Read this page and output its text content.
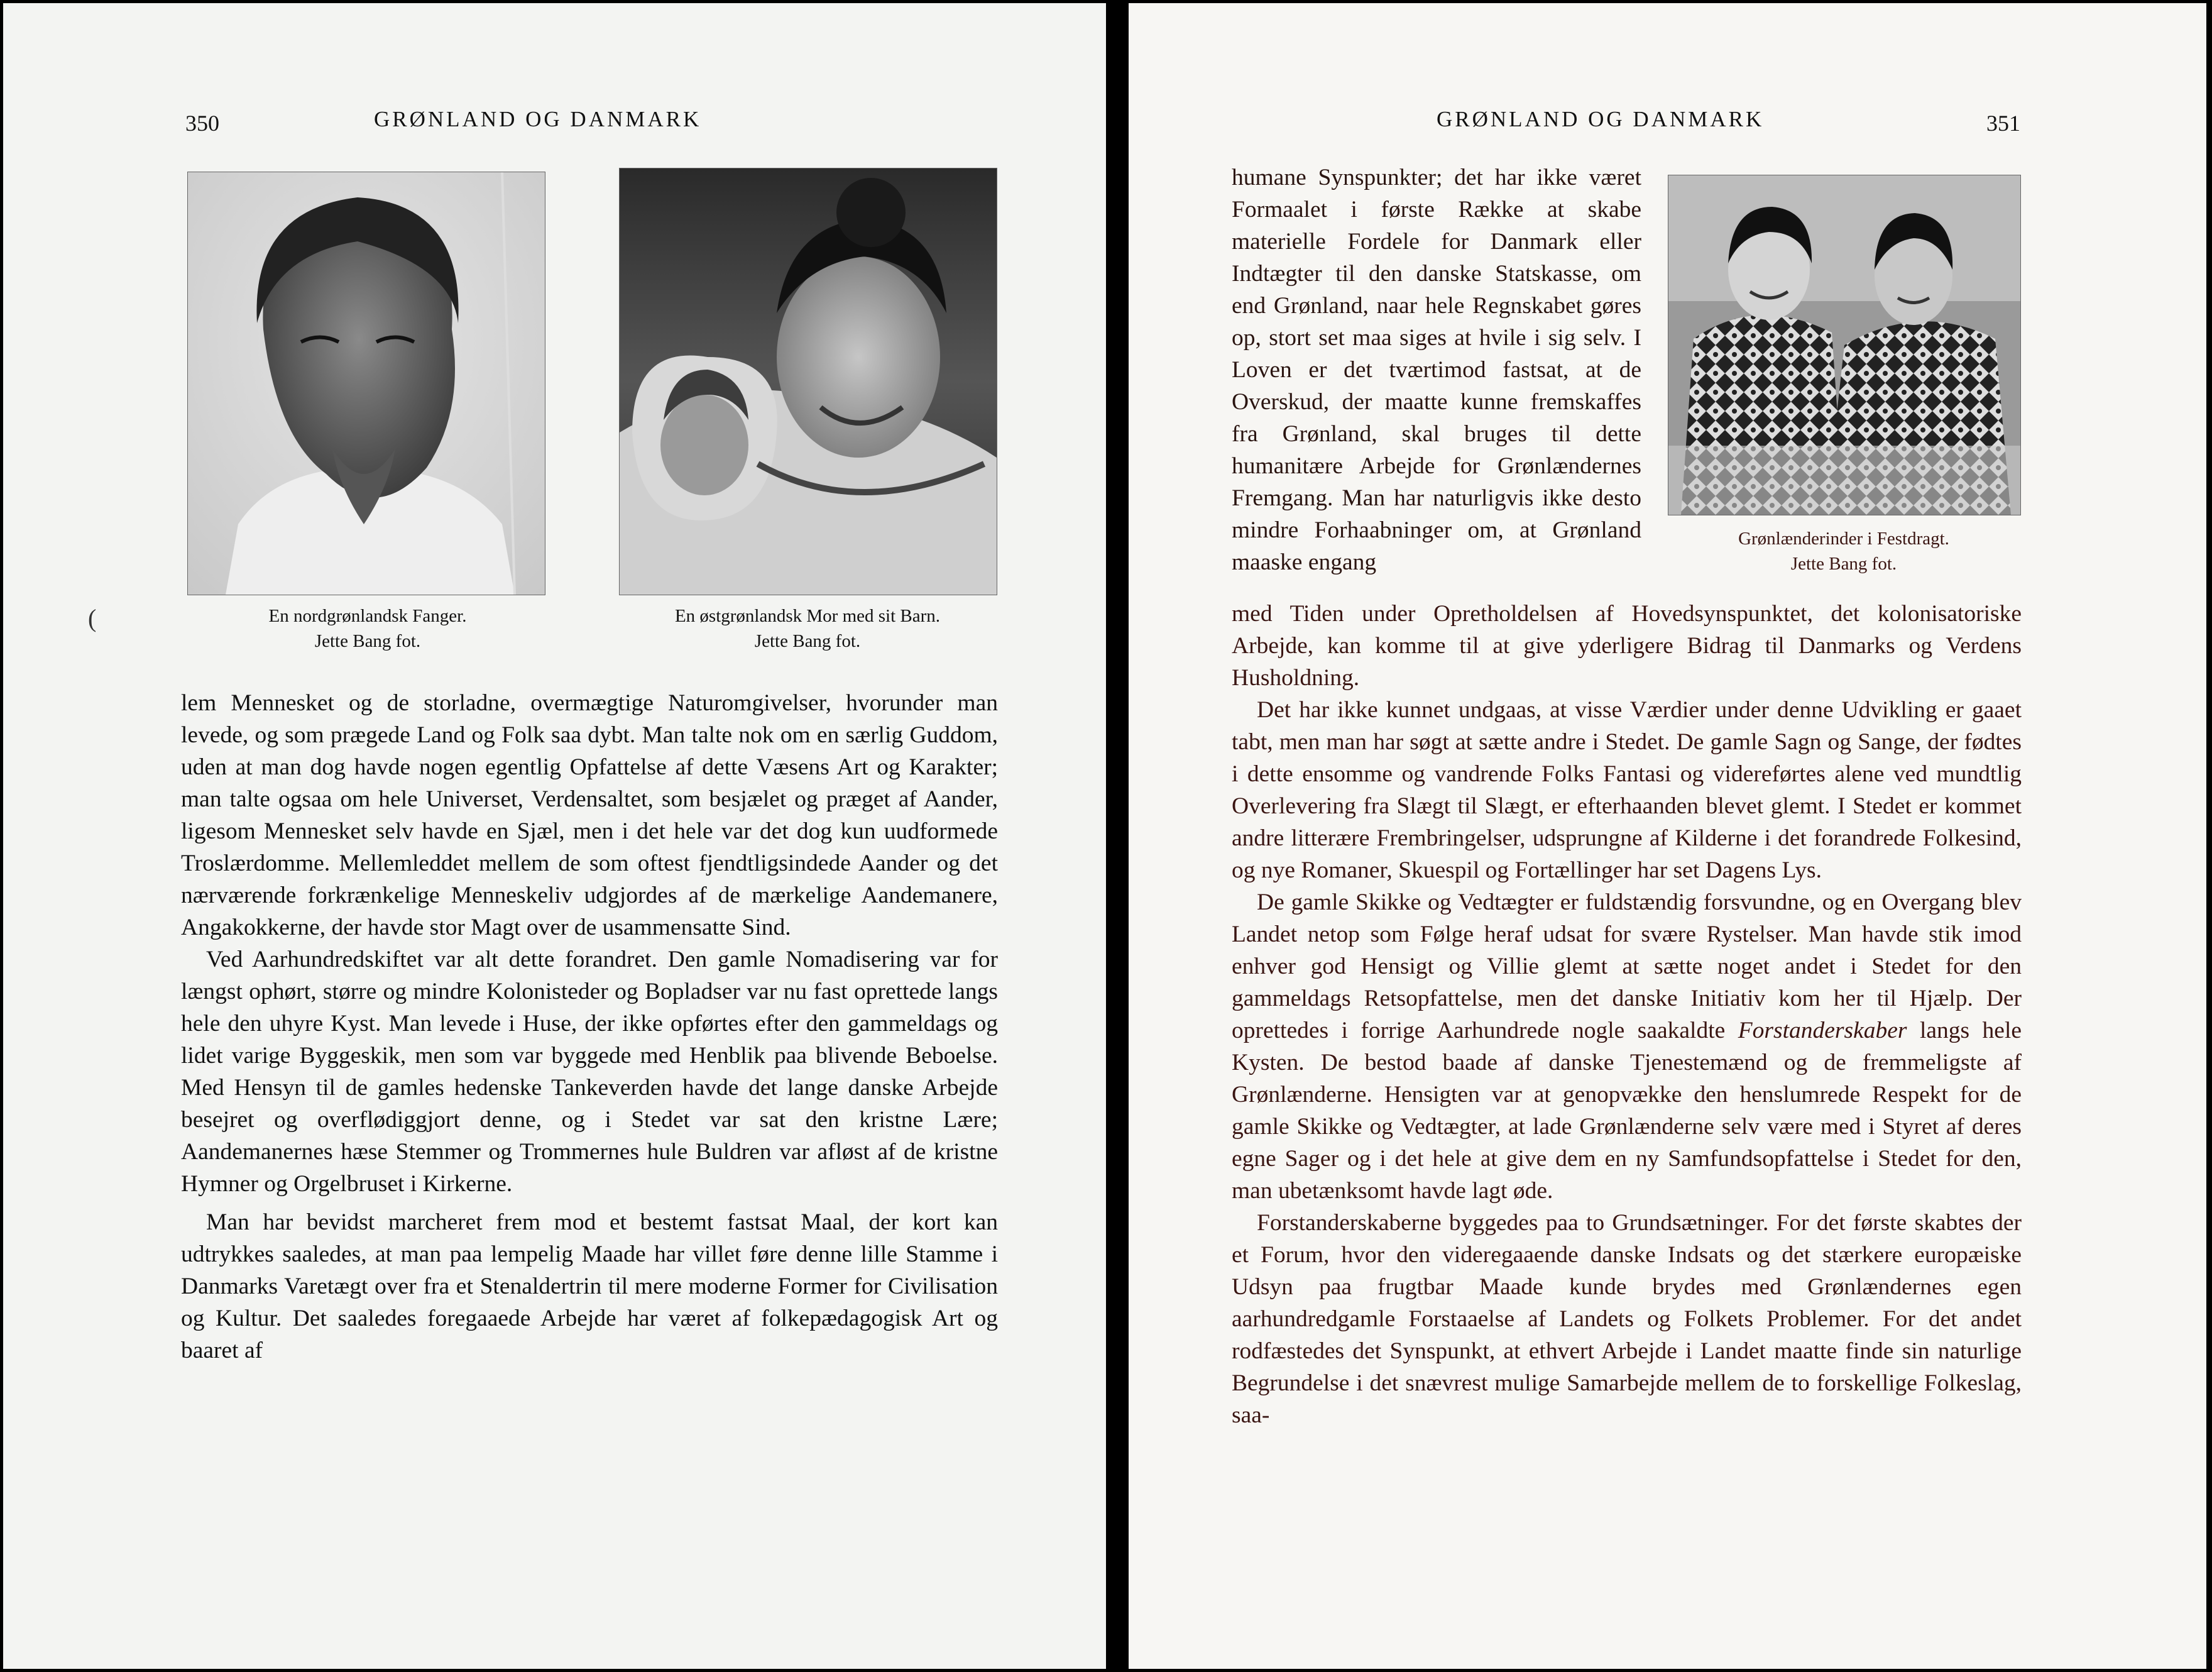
350	GRØNLAND OG DANMARK
En nordgrønlandsk Fanger.
Jette Bang fot.
En østgrønlandsk Mor med sit Barn.
Jette Bang fot.
(

lem Mennesket og de storladne, overmægtige Naturomgivelser, hvorunder man levede, og som prægede Land og Folk saa dybt. Man talte nok om en særlig Guddom, uden at man dog havde nogen egentlig Opfattelse af dette Væsens Art og Karakter; man talte ogsaa om hele Universet, Verdensaltet, som besjælet og præget af Aander, ligesom Mennesket selv havde en Sjæl, men i det hele var det dog kun uudformede Troslærdomme. Mellemleddet mellem de som oftest fjendtligsindede Aander og det nærværende forkrænkelige Menneskeliv udgjordes af de mærkelige Aandemanere, Angakokkerne, der havde stor Magt over de usammensatte Sind.

Ved Aarhundredskiftet var alt dette forandret. Den gamle Nomadisering var for længst ophørt, større og mindre Kolonisteder og Bopladser var nu fast oprettede langs hele den uhyre Kyst. Man levede i Huse, der ikke opførtes efter den gammeldags og lidet varige Byggeskik, men som var byggede med Henblik paa blivende Beboelse. Med Hensyn til de gamles hedenske Tankeverden havde det lange danske Arbejde besejret og overflødiggjort denne, og i Stedet var sat den kristne Lære; Aandemanernes hæse Stemmer og Trommernes hule Buldren var afløst af de kristne Hymner og Orgelbruset i Kirkerne.

Man har bevidst marcheret frem mod et bestemt fastsat Maal, der kort kan udtrykkes saaledes, at man paa lempelig Maade har villet føre denne lille Stamme i Danmarks Varetægt over fra et Stenaldertrin til mere moderne Former for Civilisation og Kultur. Det saaledes foregaaede Arbejde har været af folkepædagogisk Art og baaret af

GRØNLAND OG DANMARK	351

humane Synspunkter; det har ikke været Formaalet i første Række at skabe materielle Fordele for Danmark eller Indtægter til den danske Statskasse, om end Grønland, naar hele Regnskabet gøres op, stort set maa siges at hvile i sig selv. I Loven er det tværtimod fastsat, at de Overskud, der maatte kunne fremskaffes fra Grønland, skal bruges til dette humanitære Arbejde for Grønlændernes Fremgang. Man har naturligvis ikke desto mindre Forhaabninger om, at Grønland maaske engang

Grønlænderinder i Festdragt.
Jette Bang fot.

med Tiden under Opretholdelsen af Hovedsynspunktet, det kolonisatoriske Arbejde, kan komme til at give yderligere Bidrag til Danmarks og Verdens Husholdning.

Det har ikke kunnet undgaas, at visse Værdier under denne Udvikling er gaaet tabt, men man har søgt at sætte andre i Stedet. De gamle Sagn og Sange, der fødtes i dette ensomme og vandrende Folks Fantasi og videreførtes alene ved mundtlig Overlevering fra Slægt til Slægt, er efterhaanden blevet glemt. I Stedet er kommet andre litterære Frembringelser, udsprungne af Kilderne i det forandrede Folkesind, og nye Romaner, Skuespil og Fortællinger har set Dagens Lys.

De gamle Skikke og Vedtægter er fuldstændig forsvundne, og en Overgang blev Landet netop som Følge heraf udsat for svære Rystelser. Man havde stik imod enhver god Hensigt og Villie glemt at sætte noget andet i Stedet for den gammeldags Retsopfattelse, men det danske Initiativ kom her til Hjælp. Der oprettedes i forrige Aarhundrede nogle saakaldte Forstanderskaber langs hele Kysten. De bestod baade af danske Tjenestemænd og de fremmeligste af Grønlænderne. Hensigten var at genopvække den henslumrede Respekt for de gamle Skikke og Vedtægter, at lade Grønlænderne selv være med i Styret af deres egne Sager og i det hele at give dem en ny Samfundsopfattelse i Stedet for den, man ubetænksomt havde lagt øde.

Forstanderskaberne byggedes paa to Grundsætninger. For det første skabtes der et Forum, hvor den videregaaende danske Indsats og det stærkere europæiske Udsyn paa frugtbar Maade kunde brydes med Grønlændernes egen aarhundredgamle Forstaaelse af Landets og Folkets Problemer. For det andet rodfæstedes det Synspunkt, at ethvert Arbejde i Landet maatte finde sin naturlige Begrundelse i det snævrest mulige Samarbejde mellem de to forskellige Folkeslag, saa-
